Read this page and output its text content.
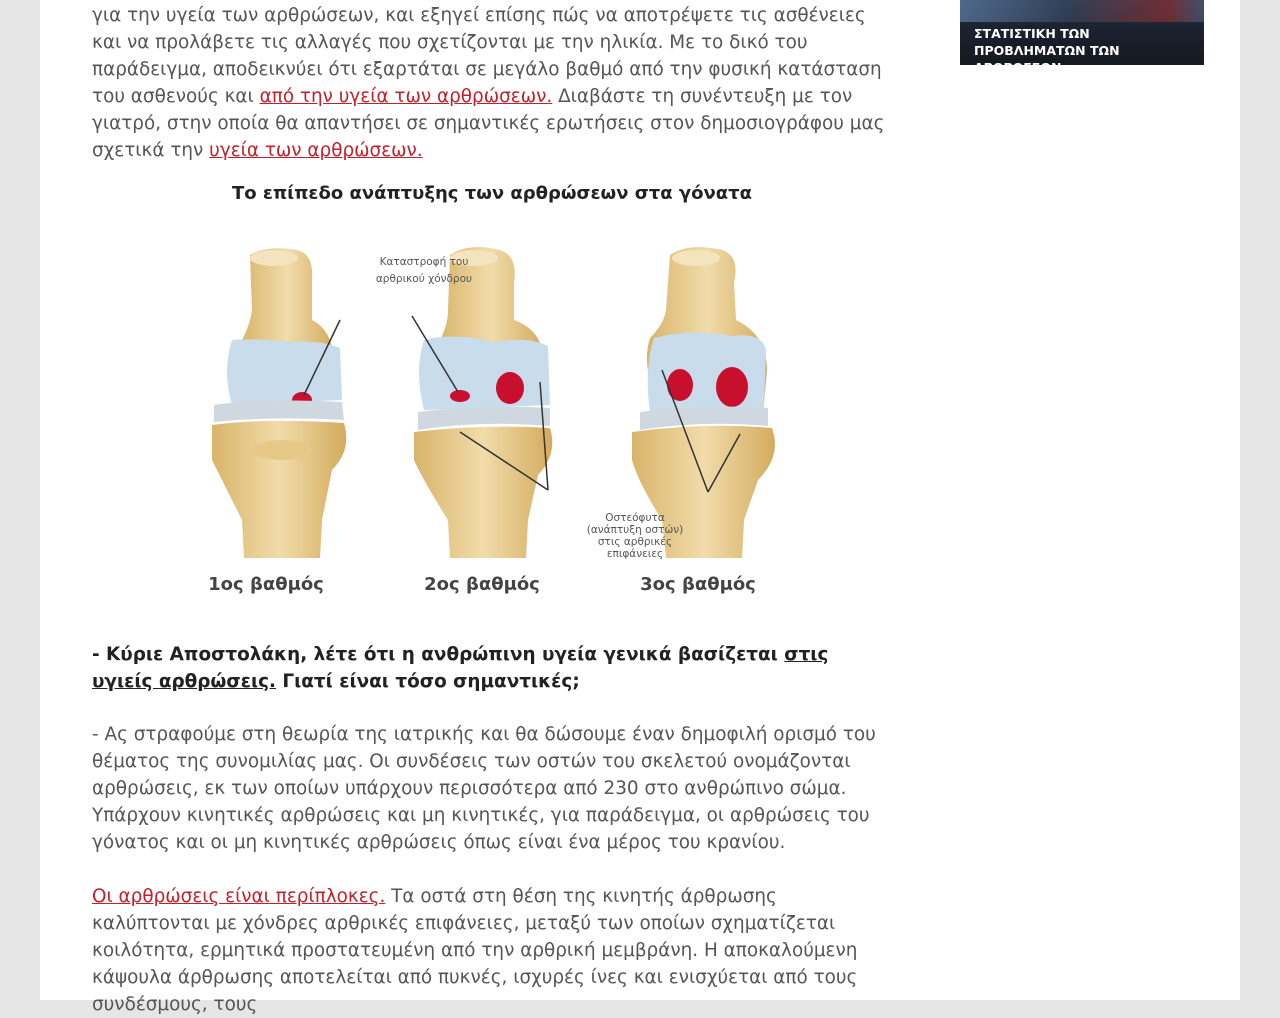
για την υγεία των αρθρώσεων, και εξηγεί επίσης πώς να αποτρέψετε τις ασθένειες και να προλάβετε τις αλλαγές που σχετίζονται με την ηλικία. Με το δικό του παράδειγμα, αποδεικνύει ότι εξαρτάται σε μεγάλο βαθμό από την φυσική κατάσταση του ασθενούς και από την υγεία των αρθρώσεων. Διαβάστε τη συνέντευξη με τον γιατρό, στην οποία θα απαντήσει σε σημαντικές ερωτήσεις στον δημοσιογράφου μας σχετικά την υγεία των αρθρώσεων.

Το επίπεδο ανάπτυξης των αρθρώσεων στα γόνατα

Καταστροφή του
αρθρικού χόνδρου
Οστεόφυτα
(ανάπτυξη οστών)
στις αρθρικές
επιφάνειες
1ος βαθμός	2ος βαθμός	3ος βαθμός

- Κύριε Αποστολάκη, λέτε ότι η ανθρώπινη υγεία γενικά βασίζεται στις υγιείς αρθρώσεις. Γιατί είναι τόσο σημαντικές;

- Ας στραφούμε στη θεωρία της ιατρικής και θα δώσουμε έναν δημοφιλή ορισμό του θέματος της συνομιλίας μας. Οι συνδέσεις των οστών του σκελετού ονομάζονται αρθρώσεις, εκ των οποίων υπάρχουν περισσότερα από 230 στο ανθρώπινο σώμα. Υπάρχουν κινητικές αρθρώσεις και μη κινητικές, για παράδειγμα, οι αρθρώσεις του γόνατος και οι μη κινητικές αρθρώσεις όπως είναι ένα μέρος του κρανίου.

Οι αρθρώσεις είναι περίπλοκες. Τα οστά στη θέση της κινητής άρθρωσης καλύπτονται με χόνδρες αρθρικές επιφάνειες, μεταξύ των οποίων σχηματίζεται κοιλότητα, ερμητικά προστατευμένη από την αρθρική μεμβράνη. Η αποκαλούμενη κάψουλα άρθρωσης αποτελείται από πυκνές, ισχυρές ίνες και ενισχύεται από τους συνδέσμους, τους

ΣΤΑΤΙΣΤΙΚΗ ΤΩΝ ΠΡΟΒΛΗΜΑΤΩΝ ΤΩΝ ΑΡΘΡΩΣΕΩΝ
